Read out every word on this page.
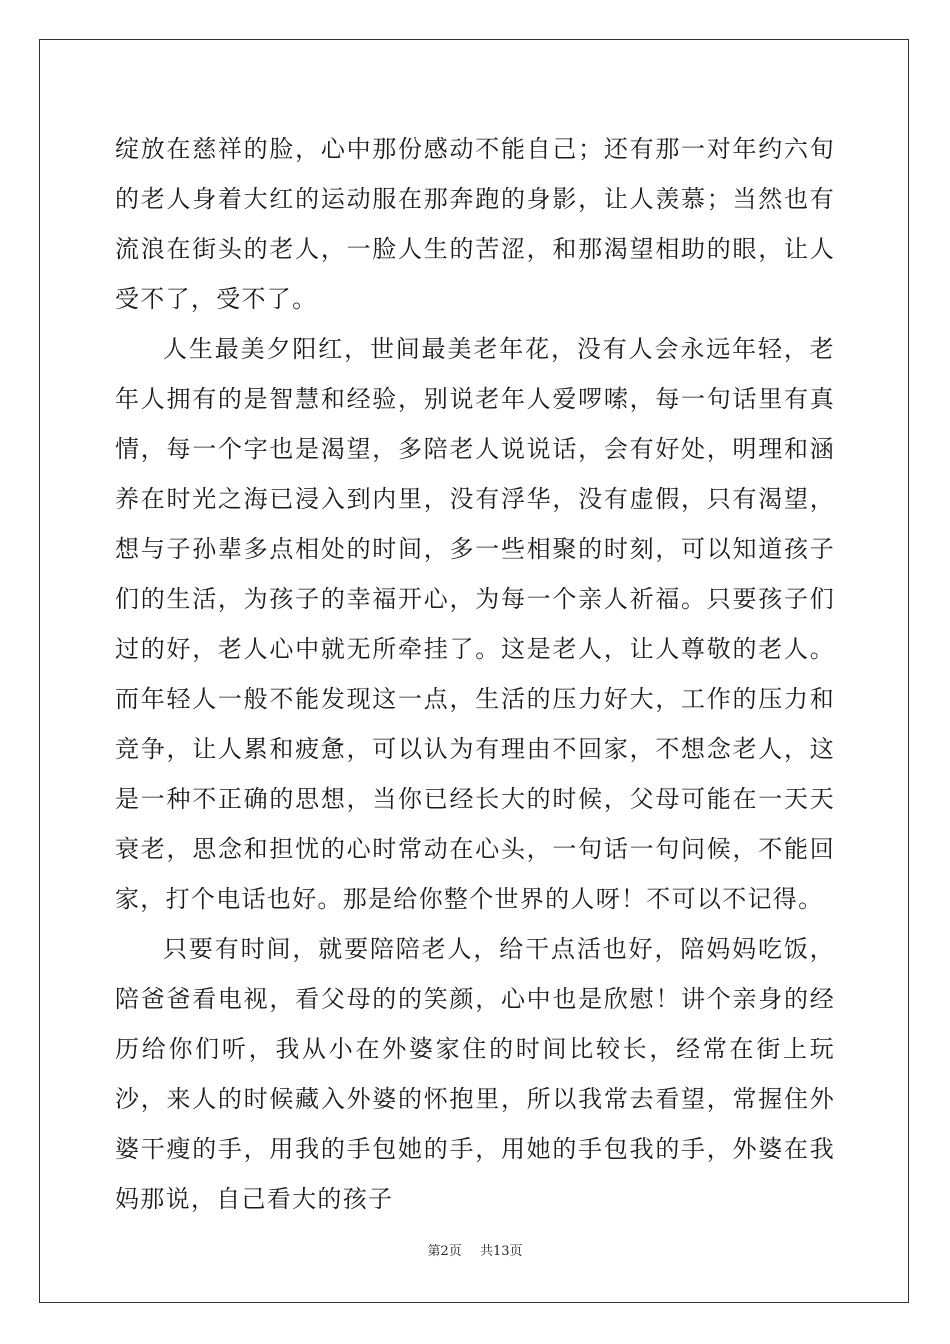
绽放在慈祥的脸，心中那份感动不能自己；还有那一对年约六旬的老人身着大红的运动服在那奔跑的身影，让人羡慕；当然也有流浪在街头的老人，一脸人生的苦涩，和那渴望相助的眼，让人受不了，受不了。

人生最美夕阳红，世间最美老年花，没有人会永远年轻，老年人拥有的是智慧和经验，别说老年人爱啰嗦，每一句话里有真情，每一个字也是渴望，多陪老人说说话，会有好处，明理和涵养在时光之海已浸入到内里，没有浮华，没有虚假，只有渴望，想与子孙辈多点相处的时间，多一些相聚的时刻，可以知道孩子们的生活，为孩子的幸福开心，为每一个亲人祈福。只要孩子们过的好，老人心中就无所牵挂了。这是老人，让人尊敬的老人。而年轻人一般不能发现这一点，生活的压力好大，工作的压力和竞争，让人累和疲惫，可以认为有理由不回家，不想念老人，这是一种不正确的思想，当你已经长大的时候，父母可能在一天天衰老，思念和担忧的心时常动在心头，一句话一句问候，不能回家，打个电话也好。那是给你整个世界的人呀！不可以不记得。

只要有时间，就要陪陪老人，给干点活也好，陪妈妈吃饭，陪爸爸看电视，看父母的的笑颜，心中也是欣慰！讲个亲身的经历给你们听，我从小在外婆家住的时间比较长，经常在街上玩沙，来人的时候藏入外婆的怀抱里，所以我常去看望，常握住外婆干瘦的手，用我的手包她的手，用她的手包我的手，外婆在我妈那说，自己看大的孩子

第2页 共13页
